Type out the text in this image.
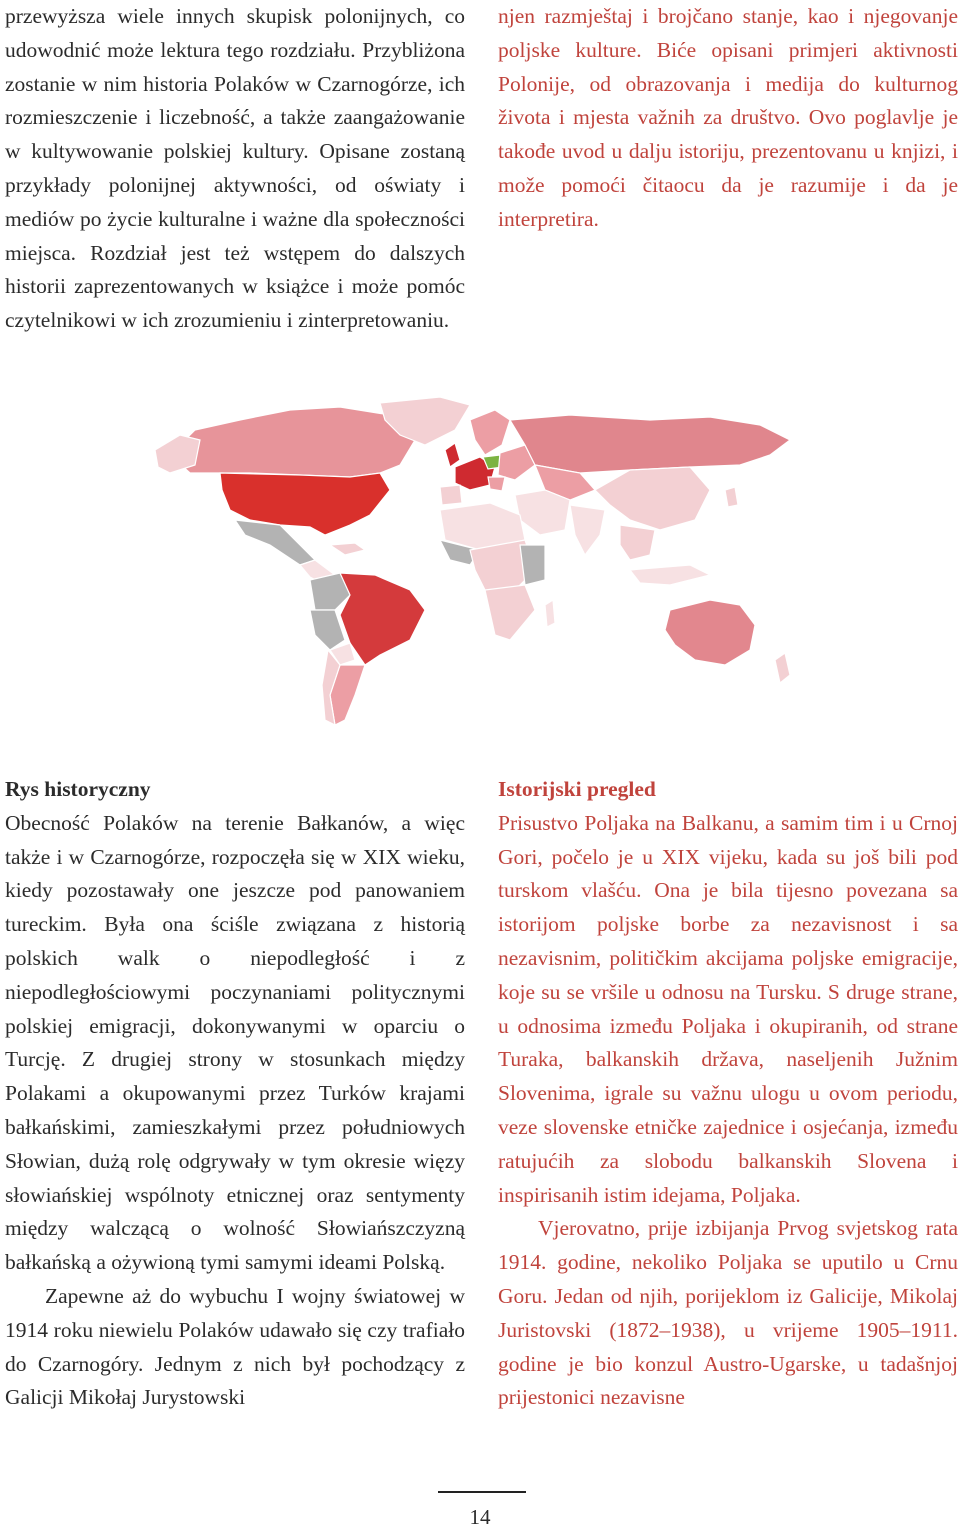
przewyższa wiele innych skupisk polonijnych, co udowodnić może lektura tego rozdziału. Przybliżona zostanie w nim historia Polaków w Czarnogórze, ich rozmieszczenie i liczebność, a także zaangażowanie w kultywowanie polskiej kultury. Opisane zostaną przykłady polonijnej aktywności, od oświaty i mediów po życie kulturalne i ważne dla społeczności miejsca. Rozdział jest też wstępem do dalszych historii zaprezentowanych w książce i może pomóc czytelnikowi w ich zrozumieniu i zinterpretowaniu.

njen razmještaj i brojčano stanje, kao i njegovanje poljske kulture. Biće opisani primjeri aktivnosti Polonije, od obrazovanja i medija do kulturnog života i mjesta važnih za društvo. Ovo poglavlje je takođe uvod u dalju istoriju, prezentovanu u knjizi, i može pomoći čitaocu da je razumije i da je interpretira.

Rys historyczny

Obecność Polaków na terenie Bałkanów, a więc także i w Czarnogórze, rozpoczęła się w XIX wieku, kiedy pozostawały one jeszcze pod panowaniem tureckim. Była ona ściśle związana z historią polskich walk o niepodległość i z niepodległościowymi poczynaniami politycznymi polskiej emigracji, dokonywanymi w oparciu o Turcję. Z drugiej strony w stosunkach między Polakami a okupowanymi przez Turków krajami bałkańskimi, zamieszkałymi przez południowych Słowian, dużą rolę odgrywały w tym okresie więzy słowiańskiej wspólnoty etnicznej oraz sentymenty między walczącą o wolność Słowiańszczyzną bałkańską a ożywioną tymi samymi ideami Polską.

Zapewne aż do wybuchu I wojny światowej w 1914 roku niewielu Polaków udawało się czy trafiało do Czarnogóry. Jednym z nich był pochodzący z Galicji Mikołaj Jurystowski

Istorijski pregled

Prisustvo Poljaka na Balkanu, a samim tim i u Crnoj Gori, počelo je u XIX vijeku, kada su još bili pod turskom vlašću. Ona je bila tijesno povezana sa istorijom poljske borbe za nezavisnost i sa nezavisnim, političkim akcijama poljske emigracije, koje su se vršile u odnosu na Tursku. S druge strane, u odnosima između Poljaka i okupiranih, od strane Turaka, balkanskih država, naseljenih Južnim Slovenima, igrale su važnu ulogu u ovom periodu, veze slovenske etničke zajednice i osjećanja, između ratujućih za slobodu balkanskih Slovena i inspirisanih istim idejama, Poljaka.

Vjerovatno, prije izbijanja Prvog svjetskog rata 1914. godine, nekoliko Poljaka se uputilo u Crnu Goru. Jedan od njih, porijeklom iz Galicije, Mikolaj Juristovski (1872–1938), u vrijeme 1905–1911. godine je bio konzul Austro-Ugarske, u tadašnjoj prijestonici nezavisne

14
